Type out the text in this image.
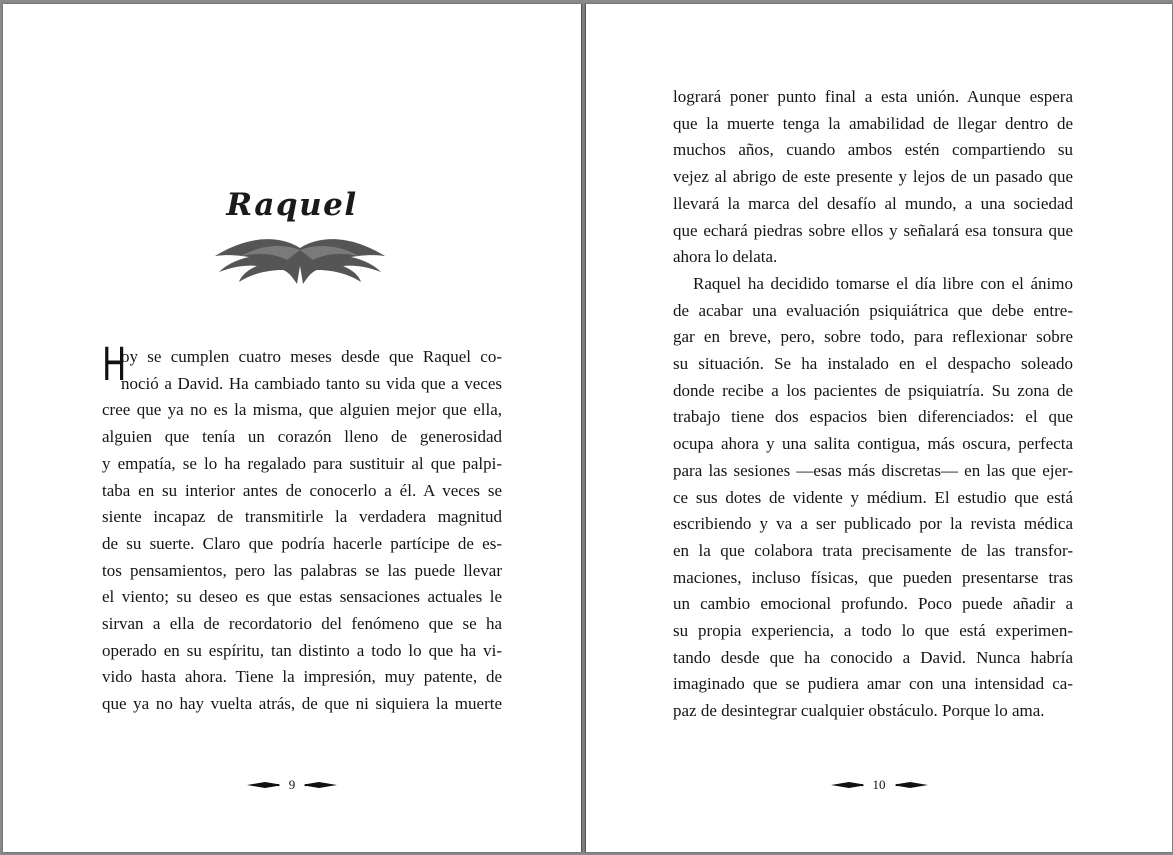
Raquel
H
oy se cumplen cuatro meses desde que Raquel co-
noció a David. Ha cambiado tanto su vida que a veces
cree que ya no es la misma, que alguien mejor que ella,
alguien que tenía un corazón lleno de generosidad
y empatía, se lo ha regalado para sustituir al que palpi-
taba en su interior antes de conocerlo a él. A veces se
siente incapaz de transmitirle la verdadera magnitud
de su suerte. Claro que podría hacerle partícipe de es-
tos pensamientos, pero las palabras se las puede llevar
el viento; su deseo es que estas sensaciones actuales le
sirvan a ella de recordatorio del fenómeno que se ha
operado en su espíritu, tan distinto a todo lo que ha vi-
vido hasta ahora. Tiene la impresión, muy patente, de
que ya no hay vuelta atrás, de que ni siquiera la muerte
9
logrará poner punto final a esta unión. Aunque espera
que la muerte tenga la amabilidad de llegar dentro de
muchos años, cuando ambos estén compartiendo su
vejez al abrigo de este presente y lejos de un pasado que
llevará la marca del desafío al mundo, a una sociedad
que echará piedras sobre ellos y señalará esa tonsura que
ahora lo delata.
Raquel ha decidido tomarse el día libre con el ánimo
de acabar una evaluación psiquiátrica que debe entre-
gar en breve, pero, sobre todo, para reflexionar sobre
su situación. Se ha instalado en el despacho soleado
donde recibe a los pacientes de psiquiatría. Su zona de
trabajo tiene dos espacios bien diferenciados: el que
ocupa ahora y una salita contigua, más oscura, perfecta
para las sesiones —esas más discretas— en las que ejer-
ce sus dotes de vidente y médium. El estudio que está
escribiendo y va a ser publicado por la revista médica
en la que colabora trata precisamente de las transfor-
maciones, incluso físicas, que pueden presentarse tras
un cambio emocional profundo. Poco puede añadir a
su propia experiencia, a todo lo que está experimen-
tando desde que ha conocido a David. Nunca habría
imaginado que se pudiera amar con una intensidad ca-
paz de desintegrar cualquier obstáculo. Porque lo ama.
10
